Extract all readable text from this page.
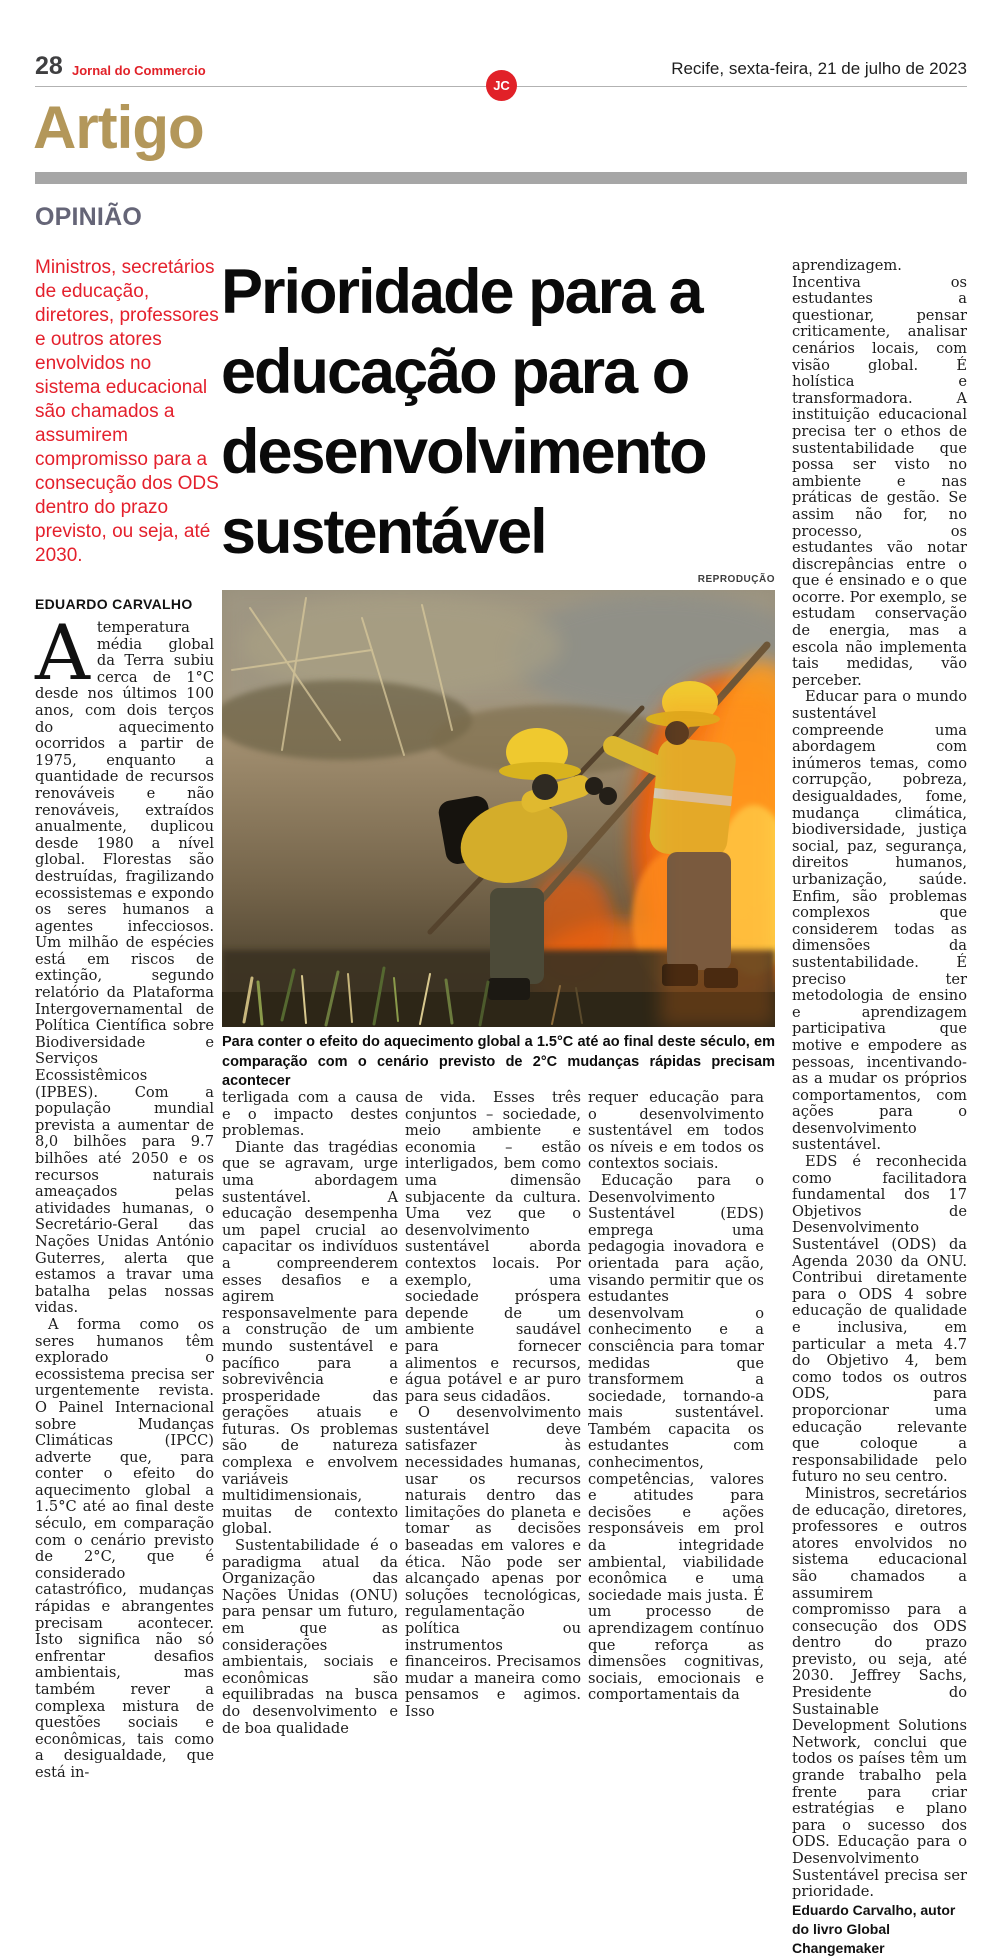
28 Jornal do Commercio	Recife, sexta-feira, 21 de julho de 2023
JC
Artigo
OPINIÃO
Ministros, secretários de educação, diretores, professores e outros atores envolvidos no sistema educacional são chamados a assumirem compromisso para a consecução dos ODS dentro do prazo previsto, ou seja, até 2030.
EDUARDO CARVALHO
Prioridade para a educação para o desenvolvimento sustentável
REPRODUÇÃO
Para conter o efeito do aquecimento global a 1.5°C até ao final deste século, em comparação com o cenário previsto de 2°C mudanças rápidas precisam acontecer

Atemperatura média global da Terra subiu cerca de 1°C desde nos últimos 100 anos, com dois terços do aquecimento ocorridos a partir de 1975, enquanto a quantidade de recursos renováveis e não renováveis, extraídos anualmente, duplicou desde 1980 a nível global. Florestas são destruídas, fragilizando ecossistemas e expondo os seres humanos a agentes infecciosos. Um milhão de espécies está em riscos de extinção, segundo relatório da Plataforma Intergovernamental de Política Científica sobre Biodiversidade e Serviços Ecossistêmicos (IPBES). Com a população mundial prevista a aumentar de 8,0 bilhões para 9.7 bilhões até 2050 e os recursos naturais ameaçados pelas atividades humanas, o Secretário-Geral das Nações Unidas António Guterres, alerta que estamos a travar uma batalha pelas nossas vidas.

A forma como os seres humanos têm explorado o ecossistema precisa ser urgentemente revista. O Painel Internacional sobre Mudanças Climáticas (IPCC) adverte que, para conter o efeito do aquecimento global a 1.5°C até ao final deste século, em comparação com o cenário previsto de 2°C, que é considerado catastrófico, mudanças rápidas e abrangentes precisam acontecer. Isto significa não só enfrentar desafios ambientais, mas também rever a complexa mistura de questões sociais e econômicas, tais como a desigualdade, que está in-

terligada com a causa e o impacto destes problemas.

Diante das tragédias que se agravam, urge uma abordagem sustentável. A educação desempenha um papel crucial ao capacitar os indivíduos a compreenderem esses desafios e a agirem responsavelmente para a construção de um mundo sustentável e pacífico para a sobrevivência e prosperidade das gerações atuais e futuras. Os problemas são de natureza complexa e envolvem variáveis multidimensionais, muitas de contexto global.

Sustentabilidade é o paradigma atual da Organização das Nações Unidas (ONU) para pensar um futuro, em que as considerações ambientais, sociais e econômicas são equilibradas na busca do desenvolvimento e de boa qualidade

de vida. Esses três conjuntos – sociedade, meio ambiente e economia – estão interligados, bem como uma dimensão subjacente da cultura. Uma vez que o desenvolvimento sustentável aborda contextos locais. Por exemplo, uma sociedade próspera depende de um ambiente saudável para fornecer alimentos e recursos, água potável e ar puro para seus cidadãos.

O desenvolvimento sustentável deve satisfazer às necessidades humanas, usar os recursos naturais dentro das limitações do planeta e tomar as decisões baseadas em valores e ética. Não pode ser alcançado apenas por soluções tecnológicas, regulamentação política ou instrumentos financeiros. Precisamos mudar a maneira como pensamos e agimos. Isso

requer educação para o desenvolvimento sustentável em todos os níveis e em todos os contextos sociais.

Educação para o Desenvolvimento Sustentável (EDS) emprega uma pedagogia inovadora e orientada para ação, visando permitir que os estudantes desenvolvam o conhecimento e a consciência para tomar medidas que transformem a sociedade, tornando-a mais sustentável. Também capacita os estudantes com conhecimentos, competências, valores e atitudes para decisões e ações responsáveis em prol da integridade ambiental, viabilidade econômica e uma sociedade mais justa. É um processo de aprendizagem contínuo que reforça as dimensões cognitivas, sociais, emocionais e comportamentais da

aprendizagem. Incentiva os estudantes a questionar, pensar criticamente, analisar cenários locais, com visão global. É holística e transformadora. A instituição educacional precisa ter o ethos de sustentabilidade que possa ser visto no ambiente e nas práticas de gestão. Se assim não for, no processo, os estudantes vão notar discrepâncias entre o que é ensinado e o que ocorre. Por exemplo, se estudam conservação de energia, mas a escola não implementa tais medidas, vão perceber.

Educar para o mundo sustentável compreende uma abordagem com inúmeros temas, como corrupção, pobreza, desigualdades, fome, mudança climática, biodiversidade, justiça social, paz, segurança, direitos humanos, urbanização, saúde. Enfim, são problemas complexos que considerem todas as dimensões da sustentabilidade. É preciso ter metodologia de ensino e aprendizagem participativa que motive e empodere as pessoas, incentivando-as a mudar os próprios comportamentos, com ações para o desenvolvimento sustentável.

EDS é reconhecida como facilitadora fundamental dos 17 Objetivos de Desenvolvimento Sustentável (ODS) da Agenda 2030 da ONU. Contribui diretamente para o ODS 4 sobre educação de qualidade e inclusiva, em particular a meta 4.7 do Objetivo 4, bem como todos os outros ODS, para proporcionar uma educação relevante que coloque a responsabilidade pelo futuro no seu centro.

Ministros, secretários de educação, diretores, professores e outros atores envolvidos no sistema educacional são chamados a assumirem compromisso para a consecução dos ODS dentro do prazo previsto, ou seja, até 2030. Jeffrey Sachs, Presidente do Sustainable Development Solutions Network, conclui que todos os países têm um grande trabalho pela frente para criar estratégias e plano para o sucesso dos ODS. Educação para o Desenvolvimento Sustentável precisa ser prioridade.

Eduardo Carvalho, autor do livro Global Changemaker
